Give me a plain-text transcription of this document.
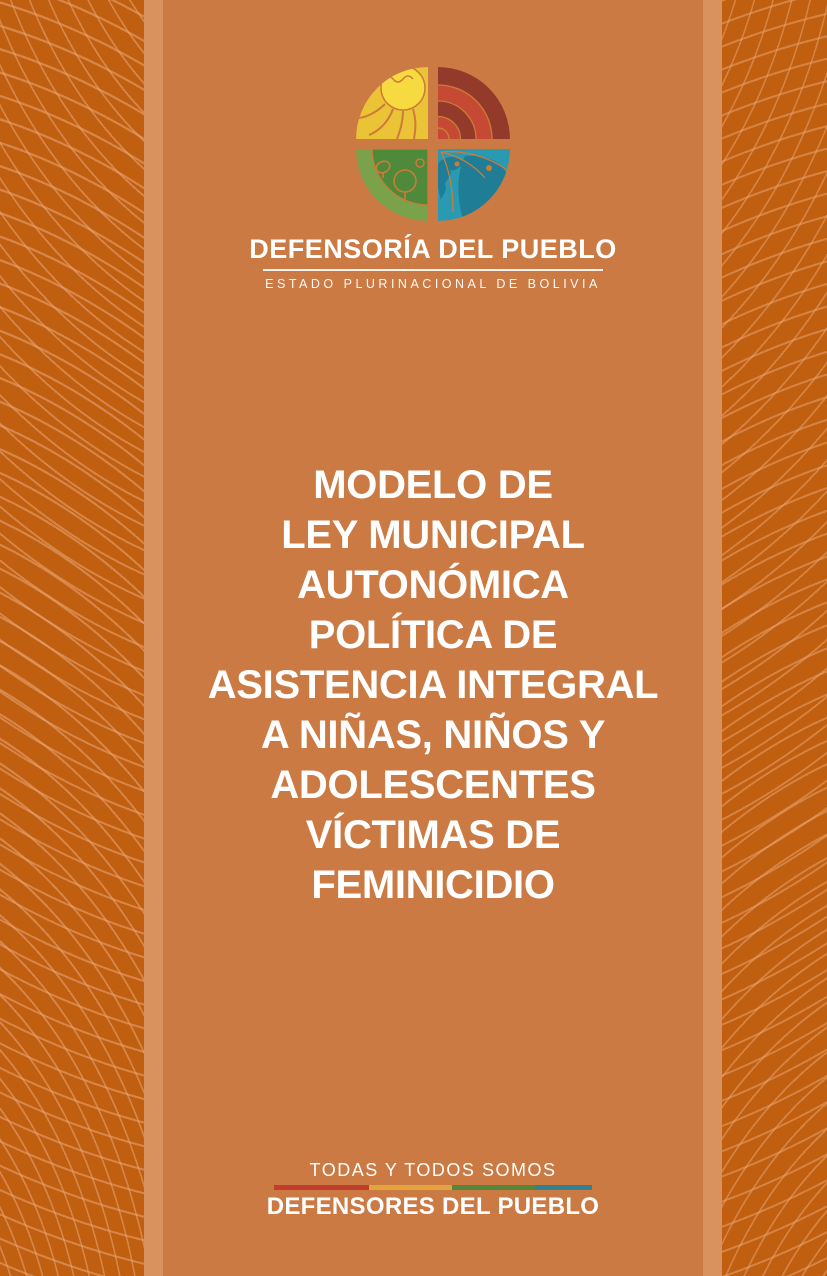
DEFENSORÍA DEL PUEBLO
ESTADO PLURINACIONAL DE BOLIVIA
MODELO DE
LEY MUNICIPAL
AUTONÓMICA
POLÍTICA DE
ASISTENCIA INTEGRAL
A NIÑAS, NIÑOS Y
ADOLESCENTES
VÍCTIMAS DE
FEMINICIDIO
TODAS Y TODOS SOMOS
DEFENSORES DEL PUEBLO
